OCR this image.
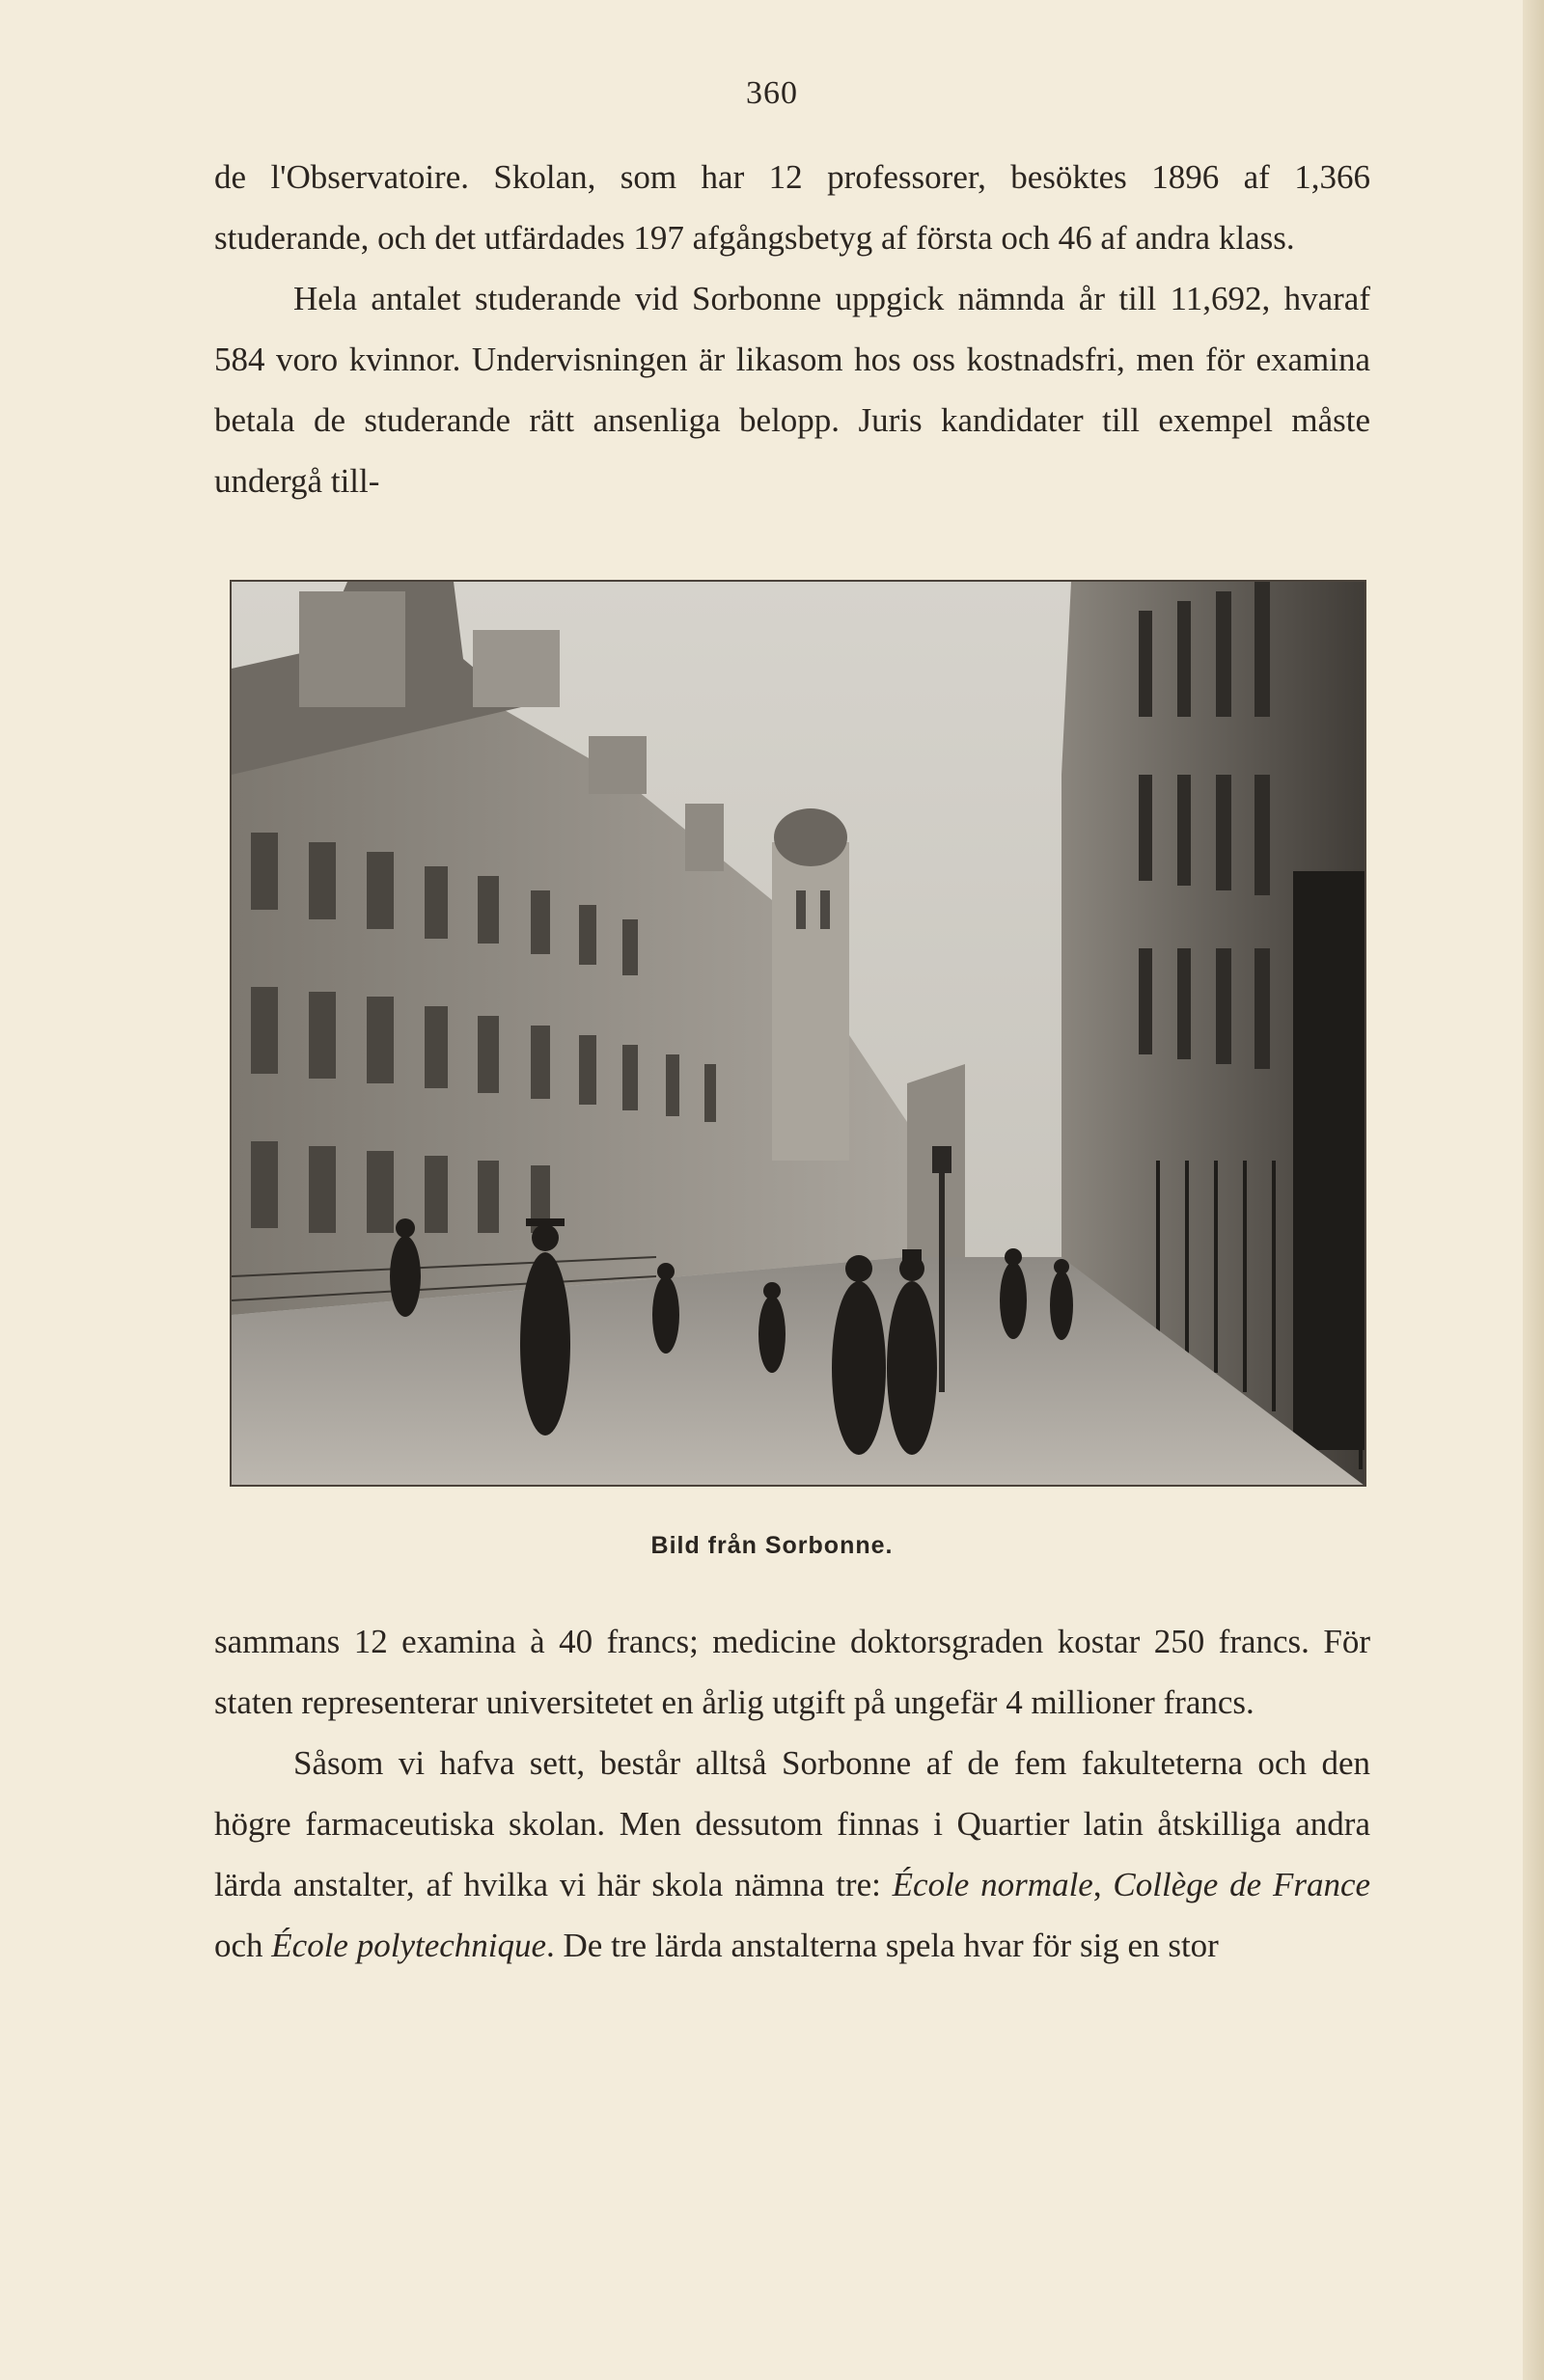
360

de l'Observatoire. Skolan, som har 12 professorer, besöktes 1896 af 1,366 studerande, och det utfärdades 197 afgångsbetyg af första och 46 af andra klass.

Hela antalet studerande vid Sorbonne uppgick nämnda år till 11,692, hvaraf 584 voro kvinnor. Undervisningen är likasom hos oss kostnadsfri, men för examina betala de studerande rätt ansenliga belopp. Juris kandidater till exempel måste undergå till-

Bild från Sorbonne.

sammans 12 examina à 40 francs; medicine doktorsgraden kostar 250 francs. För staten representerar universitetet en årlig utgift på ungefär 4 millioner francs.

Såsom vi hafva sett, består alltså Sorbonne af de fem fakulteterna och den högre farmaceutiska skolan. Men dessutom finnas i Quartier latin åtskilliga andra lärda anstalter, af hvilka vi här skola nämna tre: École normale, Collège de France och École polytechnique. De tre lärda anstalterna spela hvar för sig en stor
